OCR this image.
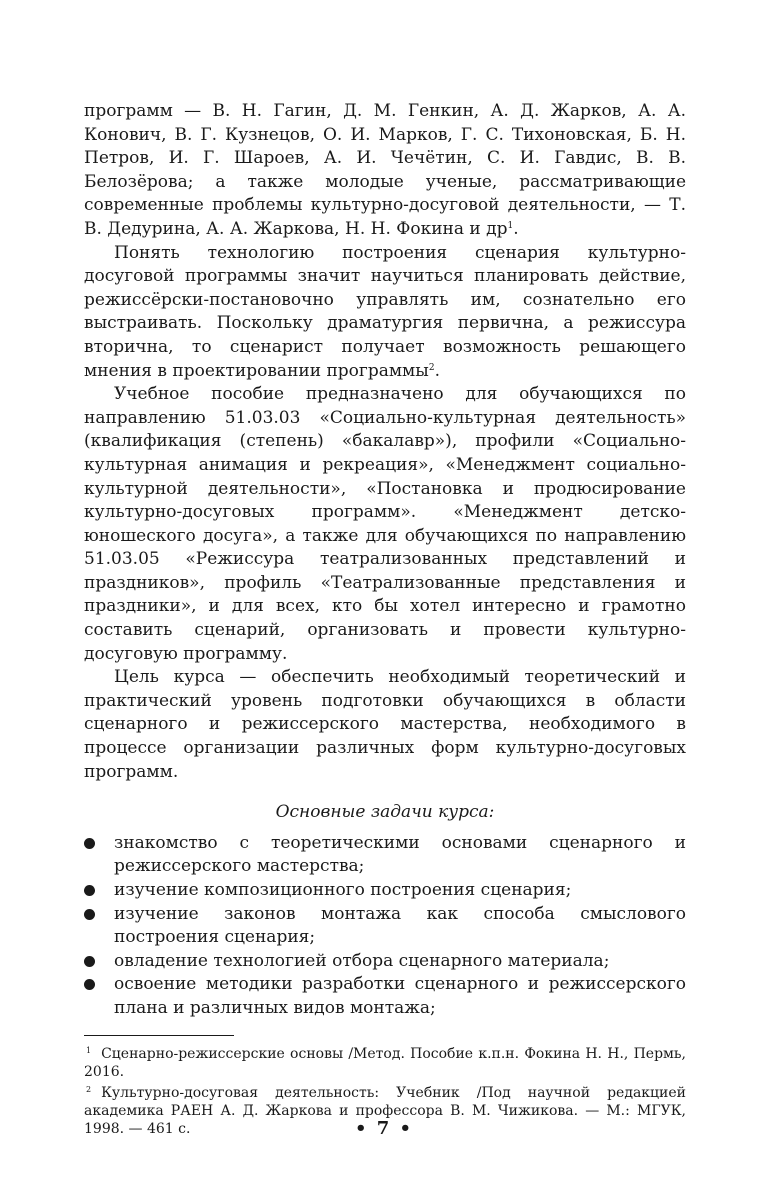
программ — В. Н. Гагин, Д. М. Генкин, А. Д. Жарков, А. А. Конович, В. Г. Кузнецов, О. И. Марков, Г. С. Тихоновская, Б. Н. Петров, И. Г. Шароев, А. И. Чечётин, С. И. Гавдис, В. В. Белозёрова; а также молодые ученые, рассматривающие современные проблемы культурно-досуговой деятельности, — Т. В. Дедурина, А. А. Жаркова, Н. Н. Фокина и $др^1$.

Понять технологию построения сценария культурно-досуговой программы значит научиться планировать действие, режиссёрски-постановочно управлять им, сознательно его выстраивать. Поскольку драматургия первична, а режиссура вторична, то сценарист получает возможность решающего мнения в проектировании программы$^2$.

Учебное пособие предназначено для обучающихся по направлению 51.03.03 «Социально-культурная деятельность» (квалификация (степень) «бакалавр»), профили «Социально-культурная анимация и рекреация», «Менеджмент социально-культурной деятельности», «Постановка и продюсирование культурно-досуговых программ». «Менеджмент детско-юношеского досуга», а также для обучающихся по направлению 51.03.05 «Режиссура театрализованных представлений и праздников», профиль «Театрализованные представления и праздники», и для всех, кто бы хотел интересно и грамотно составить сценарий, организовать и провести культурно-досуговую программу.

Цель курса — обеспечить необходимый теоретический и практический уровень подготовки обучающихся в области сценарного и режиссерского мастерства, необходимого в процессе организации различных форм культурно-досуговых программ.

Основные задачи курса:
знакомство с теоретическими основами сценарного и режиссерского мастерства;
изучение композиционного построения сценария;
изучение законов монтажа как способа смыслового построения сценария;
овладение технологией отбора сценарного материала;
освоение методики разработки сценарного и режиссерского плана и различных видов монтажа;

$^1$ Сценарно-режиссерские основы /Метод. Пособие к.п.н. Фокина Н. Н., Пермь, 2016.

$^2$ Культурно-досуговая деятельность: Учебник /Под научной редакцией академика РАЕН А. Д. Жаркова и профессора В. М. Чижикова. — М.: МГУК, 1998. — 461 с.	• 7 •
